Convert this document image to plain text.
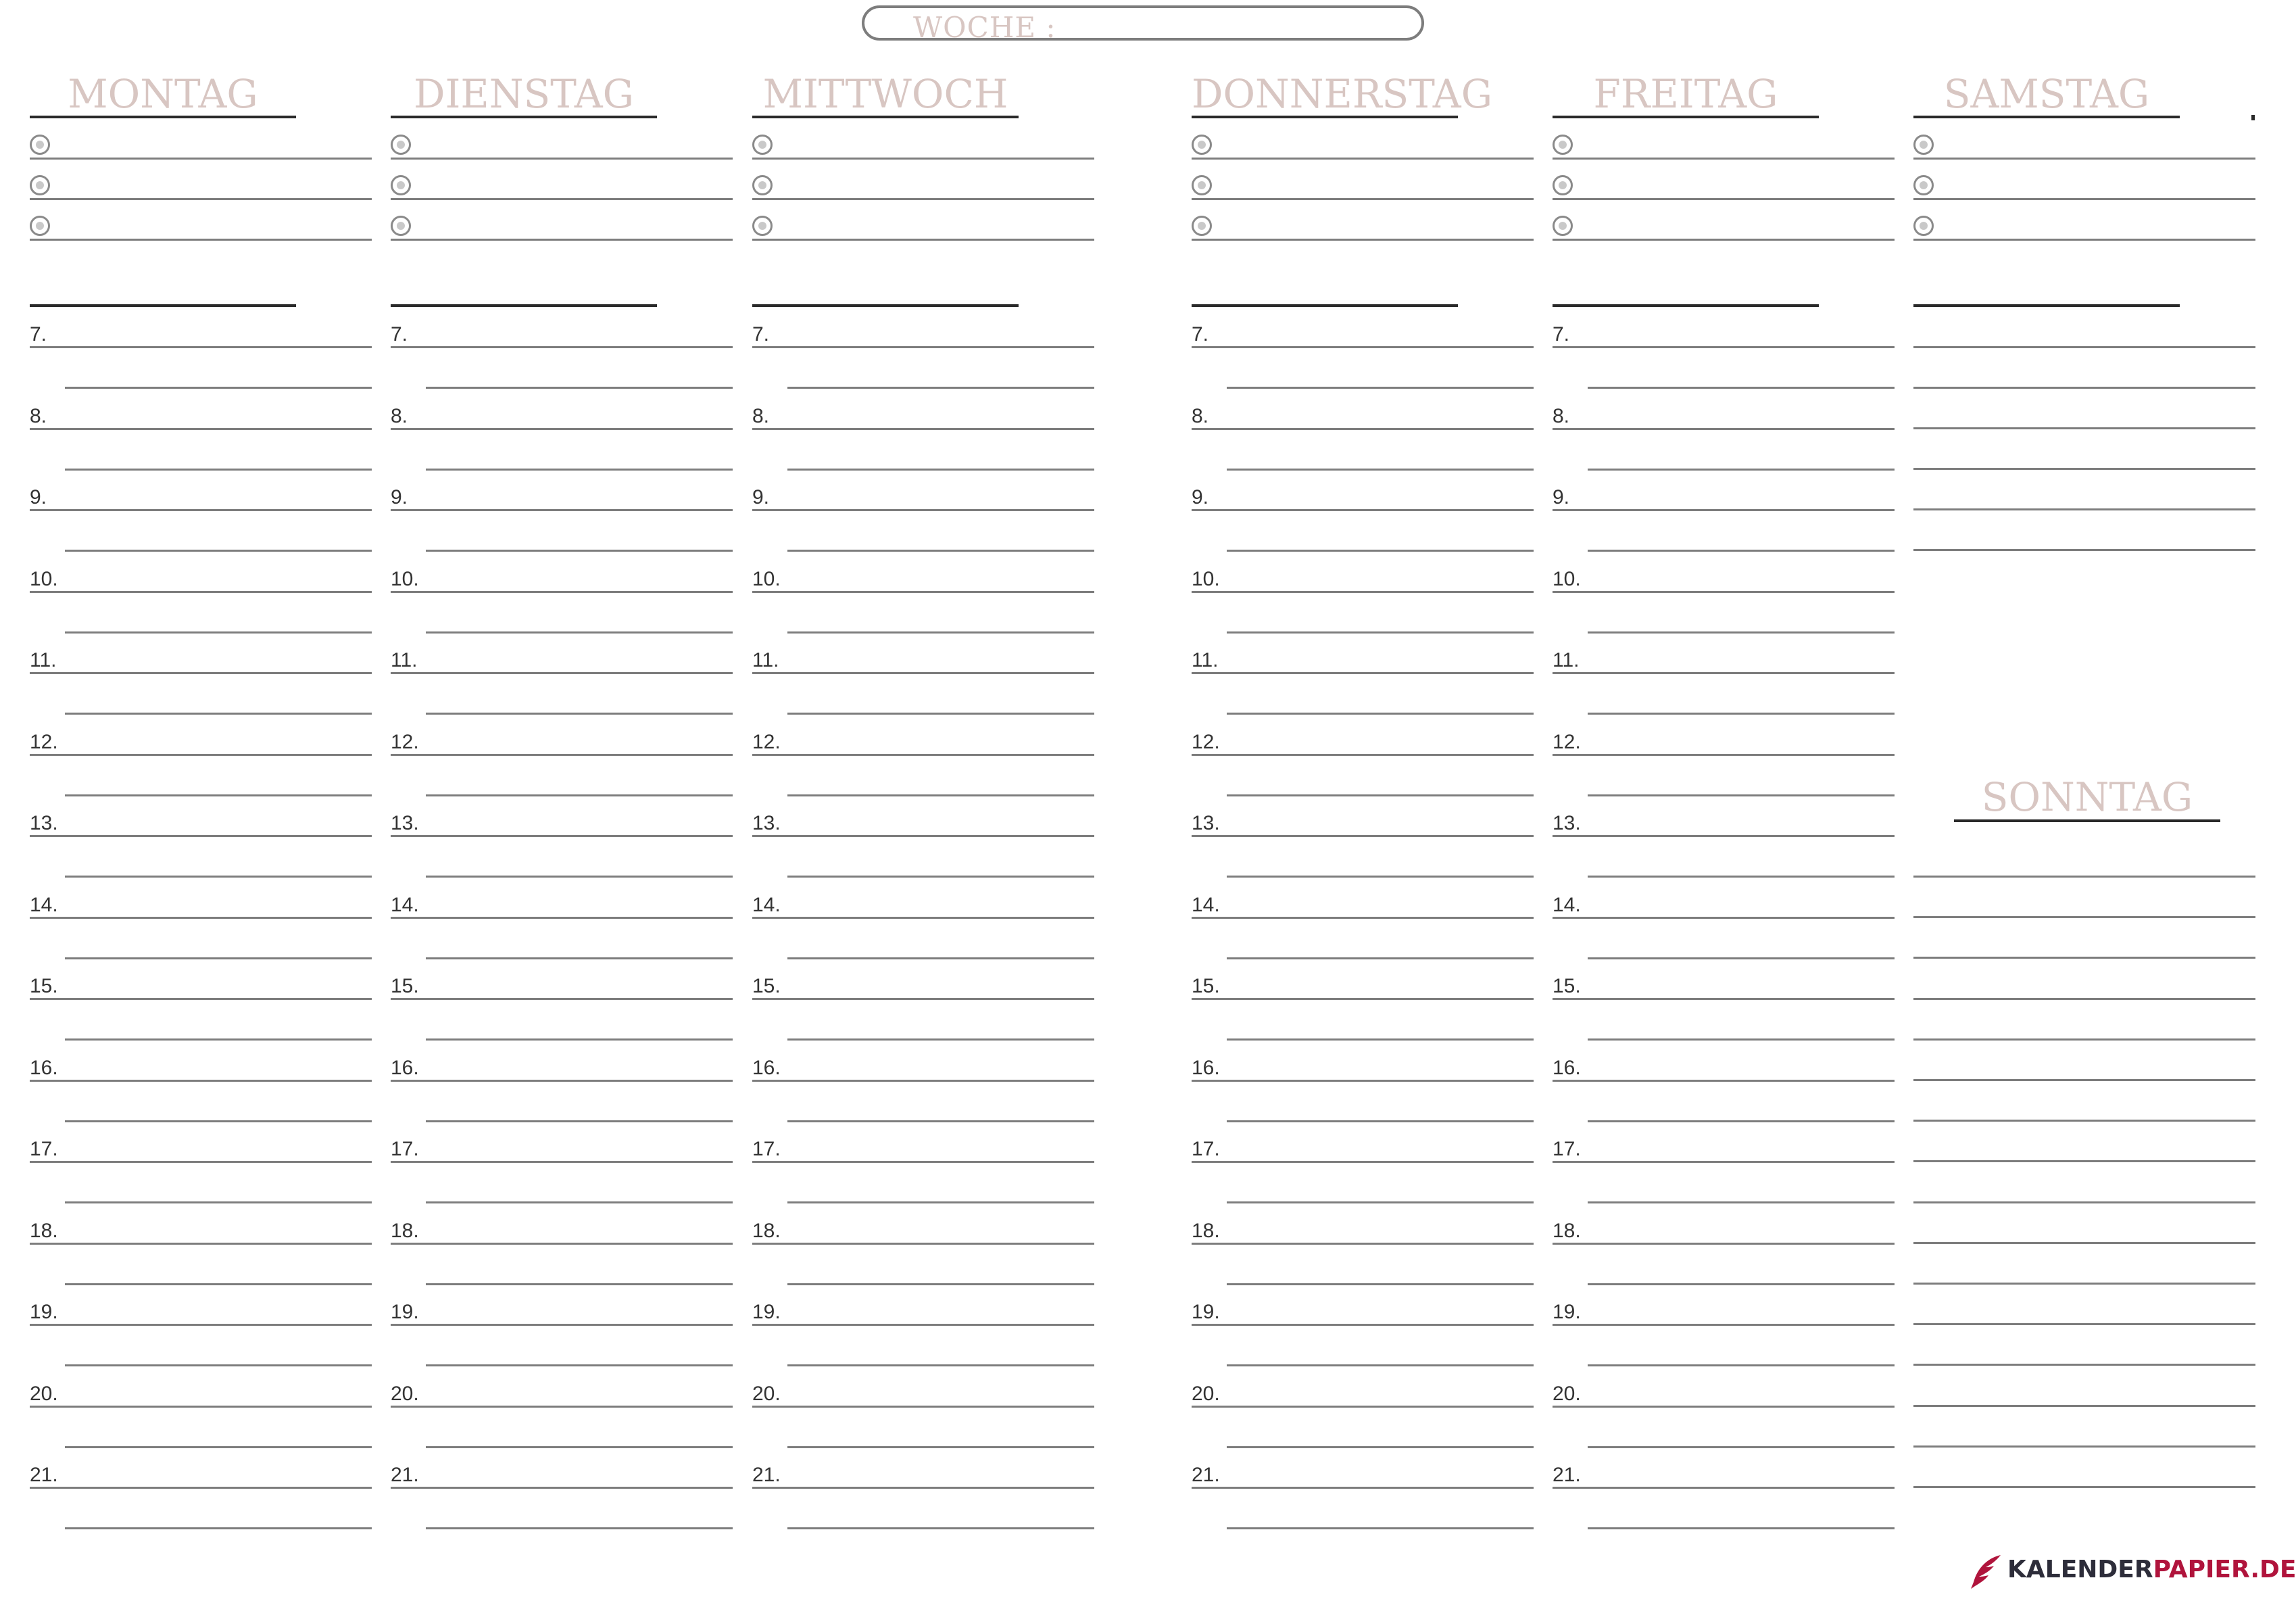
WOCHE :
KALENDERPAPIER.DE
MONTAG
7.
8.
9.
10.
11.
12.
13.
14.
15.
16.
17.
18.
19.
20.
21.
DIENSTAG
7.
8.
9.
10.
11.
12.
13.
14.
15.
16.
17.
18.
19.
20.
21.
MITTWOCH
7.
8.
9.
10.
11.
12.
13.
14.
15.
16.
17.
18.
19.
20.
21.
DONNERSTAG
7.
8.
9.
10.
11.
12.
13.
14.
15.
16.
17.
18.
19.
20.
21.
FREITAG
7.
8.
9.
10.
11.
12.
13.
14.
15.
16.
17.
18.
19.
20.
21.
SAMSTAG
SONNTAG
